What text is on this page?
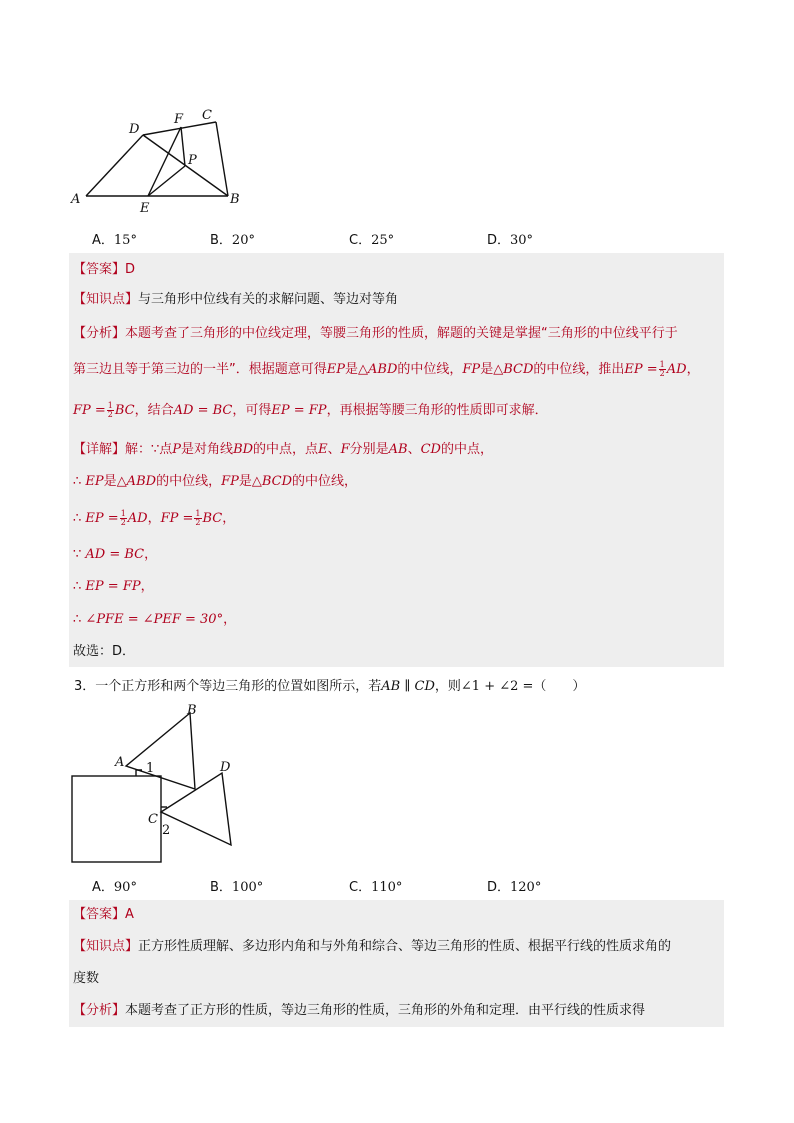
A
D
F C
P
E
B
A．15°	B．20°	C．25°	D．30°
【答案】D
【知识点】与三角形中位线有关的求解问题、等边对等角
【分析】本题考查了三角形的中位线定理，等腰三角形的性质，解题的关键是掌握“三角形的中位线平行于
第三边且等于第三边的一半”．根据题意可得EP是△ABD的中位线，FP是△BCD的中位线，推出EP = $\frac{1}{2}$ AD，
FP = $\frac{1}{2}$ BC，结合AD = BC，可得EP = FP，再根据等腰三角形的性质即可求解．
【详解】解：∵点P是对角线BD的中点，点E、F分别是AB、CD的中点，
∴ EP是△ABD的中位线，FP是△BCD的中位线，
∴ EP = $\frac{1}{2}$ AD，FP = $\frac{1}{2}$ BC，
∵ AD = BC，
∴ EP = FP，
∴ ∠PFE = ∠PEF = 30°，
故选：D．
3．一个正方形和两个等边三角形的位置如图所示，若AB ∥ CD，则∠1 + ∠2 =（　　）
A
B
D
C
1
2
A．90°	B．100°	C．110°	D．120°
【答案】A
【知识点】正方形性质理解、多边形内角和与外角和综合、等边三角形的性质、根据平行线的性质求角的
度数
【分析】本题考查了正方形的性质，等边三角形的性质，三角形的外角和定理．由平行线的性质求得
